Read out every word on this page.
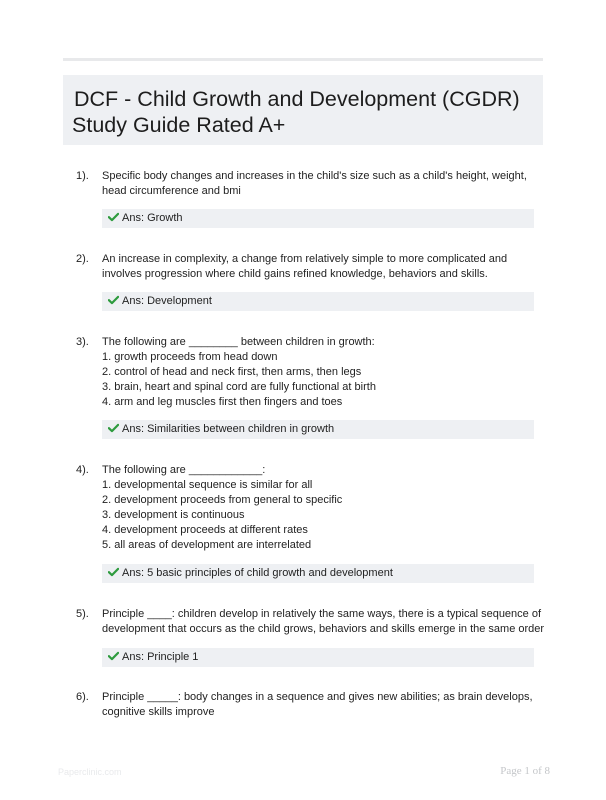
DCF - Child Growth and Development (CGDR)
Study Guide Rated A+
1). Specific body changes and increases in the child's size such as a child's height, weight,
head circumference and bmi
Ans: Growth
2). An increase in complexity, a change from relatively simple to more complicated and
involves progression where child gains refined knowledge, behaviors and skills.
Ans: Development
3). The following are ________ between children in growth:
1. growth proceeds from head down
2. control of head and neck first, then arms, then legs
3. brain, heart and spinal cord are fully functional at birth
4. arm and leg muscles first then fingers and toes
Ans: Similarities between children in growth
4). The following are ____________:
1. developmental sequence is similar for all
2. development proceeds from general to specific
3. development is continuous
4. development proceeds at different rates
5. all areas of development are interrelated
Ans: 5 basic principles of child growth and development
5). Principle ____: children develop in relatively the same ways, there is a typical sequence of
development that occurs as the child grows, behaviors and skills emerge in the same order
Ans: Principle 1
6). Principle _____: body changes in a sequence and gives new abilities; as brain develops,
cognitive skills improve
Paperclinic.com	Page 1 of 8
